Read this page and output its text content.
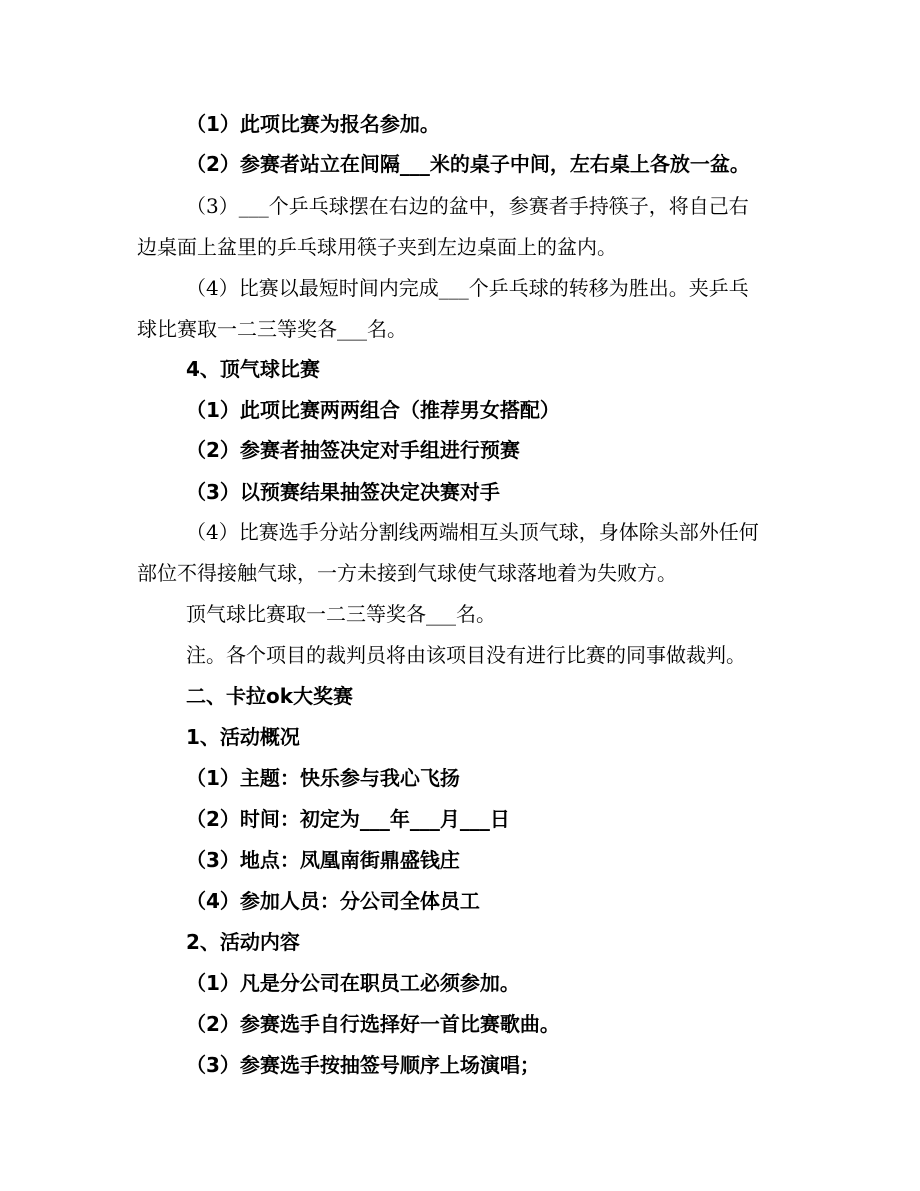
（1）此项比赛为报名参加。
（2）参赛者站立在间隔___米的桌子中间，左右桌上各放一盆。
（3）___个乒乓球摆在右边的盆中，参赛者手持筷子，将自己右
边桌面上盆里的乒乓球用筷子夹到左边桌面上的盆内。
（4）比赛以最短时间内完成___个乒乓球的转移为胜出。夹乒乓
球比赛取一二三等奖各___名。
4、顶气球比赛
（1）此项比赛两两组合（推荐男女搭配）
（2）参赛者抽签决定对手组进行预赛
（3）以预赛结果抽签决定决赛对手
（4）比赛选手分站分割线两端相互头顶气球，身体除头部外任何
部位不得接触气球，一方未接到气球使气球落地着为失败方。
顶气球比赛取一二三等奖各___名。
注。各个项目的裁判员将由该项目没有进行比赛的同事做裁判。
二、卡拉ok大奖赛
1、活动概况
（1）主题：快乐参与我心飞扬
（2）时间：初定为___年___月___日
（3）地点：凤凰南街鼎盛钱庄
（4）参加人员：分公司全体员工
2、活动内容
（1）凡是分公司在职员工必须参加。
（2）参赛选手自行选择好一首比赛歌曲。
（3）参赛选手按抽签号顺序上场演唱；
